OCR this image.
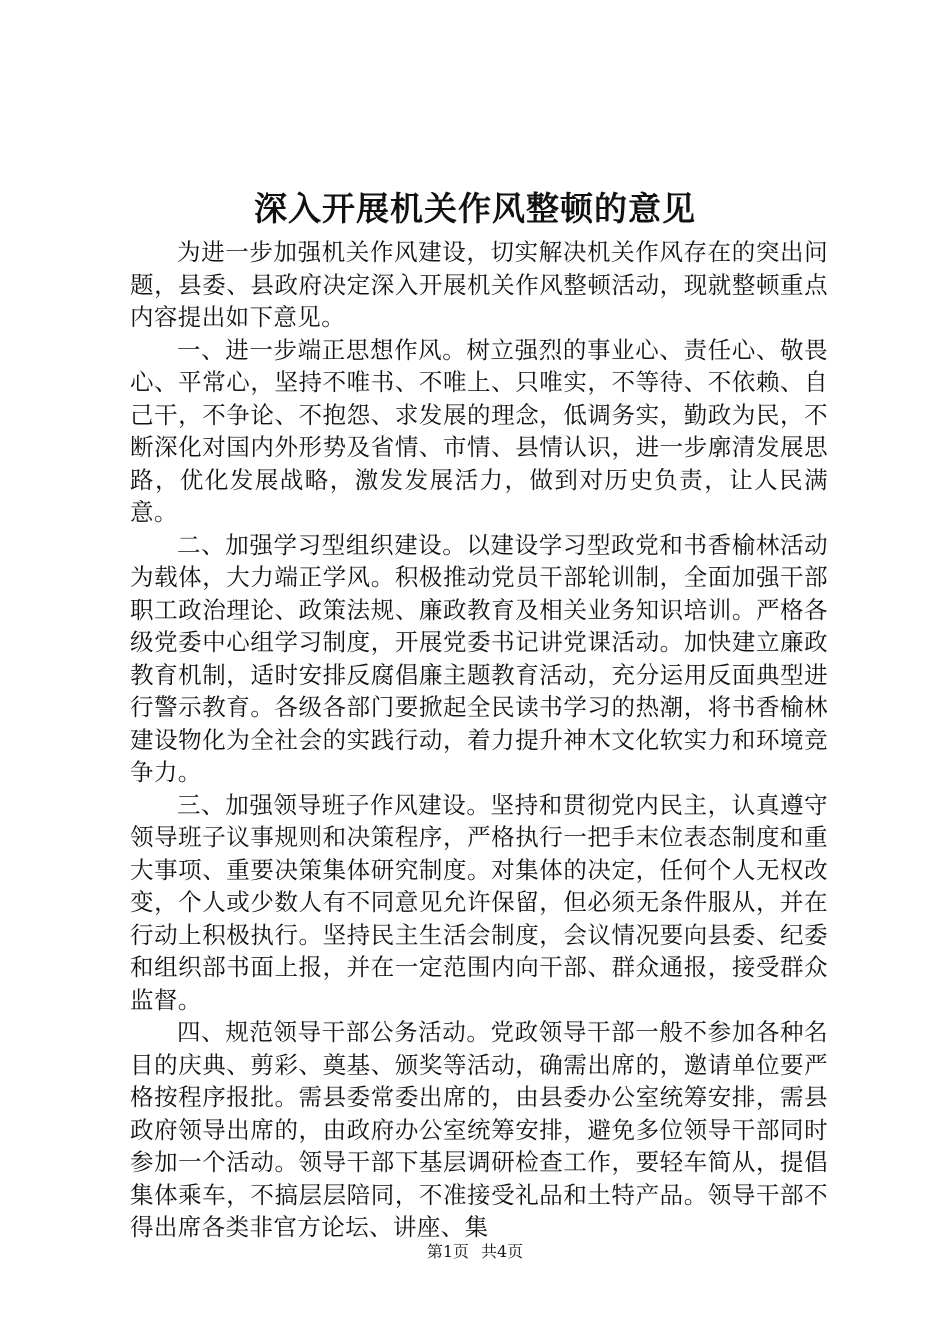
深入开展机关作风整顿的意见

为进一步加强机关作风建设，切实解决机关作风存在的突出问题，县委、县政府决定深入开展机关作风整顿活动，现就整顿重点内容提出如下意见。

一、进一步端正思想作风。树立强烈的事业心、责任心、敬畏心、平常心，坚持不唯书、不唯上、只唯实，不等待、不依赖、自己干，不争论、不抱怨、求发展的理念，低调务实，勤政为民，不断深化对国内外形势及省情、市情、县情认识，进一步廓清发展思路，优化发展战略，激发发展活力，做到对历史负责，让人民满意。

二、加强学习型组织建设。以建设学习型政党和书香榆林活动为载体，大力端正学风。积极推动党员干部轮训制，全面加强干部职工政治理论、政策法规、廉政教育及相关业务知识培训。严格各级党委中心组学习制度，开展党委书记讲党课活动。加快建立廉政教育机制，适时安排反腐倡廉主题教育活动，充分运用反面典型进行警示教育。各级各部门要掀起全民读书学习的热潮，将书香榆林建设物化为全社会的实践行动，着力提升神木文化软实力和环境竞争力。

三、加强领导班子作风建设。坚持和贯彻党内民主，认真遵守领导班子议事规则和决策程序，严格执行一把手末位表态制度和重大事项、重要决策集体研究制度。对集体的决定，任何个人无权改变，个人或少数人有不同意见允许保留，但必须无条件服从，并在行动上积极执行。坚持民主生活会制度，会议情况要向县委、纪委和组织部书面上报，并在一定范围内向干部、群众通报，接受群众监督。

四、规范领导干部公务活动。党政领导干部一般不参加各种名目的庆典、剪彩、奠基、颁奖等活动，确需出席的，邀请单位要严格按程序报批。需县委常委出席的，由县委办公室统筹安排，需县政府领导出席的，由政府办公室统筹安排，避免多位领导干部同时参加一个活动。领导干部下基层调研检查工作，要轻车简从，提倡集体乘车，不搞层层陪同，不准接受礼品和土特产品。领导干部不得出席各类非官方论坛、讲座、集

第1页 共4页
